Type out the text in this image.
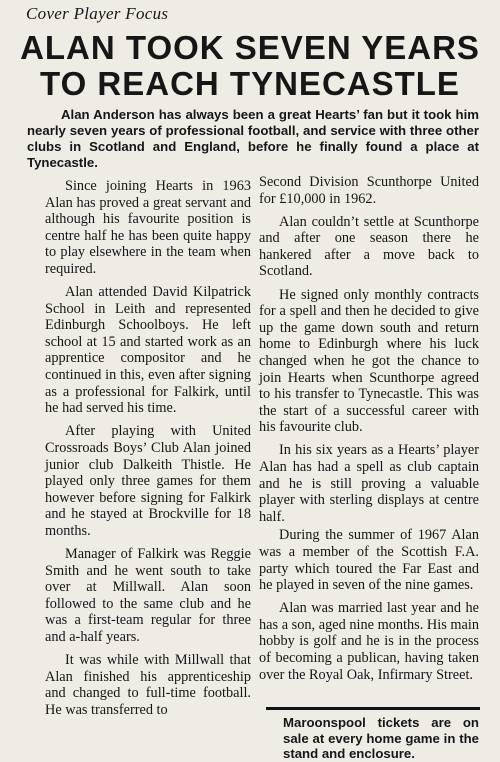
Cover Player Focus
ALAN TOOK SEVEN YEARS
TO REACH TYNECASTLE
Alan Anderson has always been a great Hearts’ fan but it took him nearly seven years of professional football, and service with three other clubs in Scotland and England, before he finally found a place at Tynecastle.

Since joining Hearts in 1963 Alan has proved a great servant and although his favourite position is centre half he has been quite happy to play elsewhere in the team when required.

Alan attended David Kilpatrick School in Leith and represented Edinburgh Schoolboys. He left school at 15 and started work as an apprentice compositor and he continued in this, even after signing as a professional for Falkirk, until he had served his time.

After playing with United Crossroads Boys’ Club Alan joined junior club Dalkeith Thistle. He played only three games for them however before signing for Falkirk and he stayed at Brockville for 18 months.

Manager of Falkirk was Reggie Smith and he went south to take over at Millwall. Alan soon followed to the same club and he was a first-team regular for three and a-half years.

It was while with Millwall that Alan finished his apprenticeship and changed to full-time football. He was transferred to

Second Division Scunthorpe United for £10,000 in 1962.

Alan couldn’t settle at Scunthorpe and after one season there he hankered after a move back to Scotland.

He signed only monthly contracts for a spell and then he decided to give up the game down south and return home to Edinburgh where his luck changed when he got the chance to join Hearts when Scunthorpe agreed to his transfer to Tynecastle. This was the start of a successful career with his favourite club.

In his six years as a Hearts’ player Alan has had a spell as club captain and he is still proving a valuable player with sterling displays at centre half.

During the summer of 1967 Alan was a member of the Scottish F.A. party which toured the Far East and he played in seven of the nine games.

Alan was married last year and he has a son, aged nine months. His main hobby is golf and he is in the process of becoming a publican, having taken over the Royal Oak, Infirmary Street.

Maroonspool tickets are on sale at every home game in the stand and enclosure.
